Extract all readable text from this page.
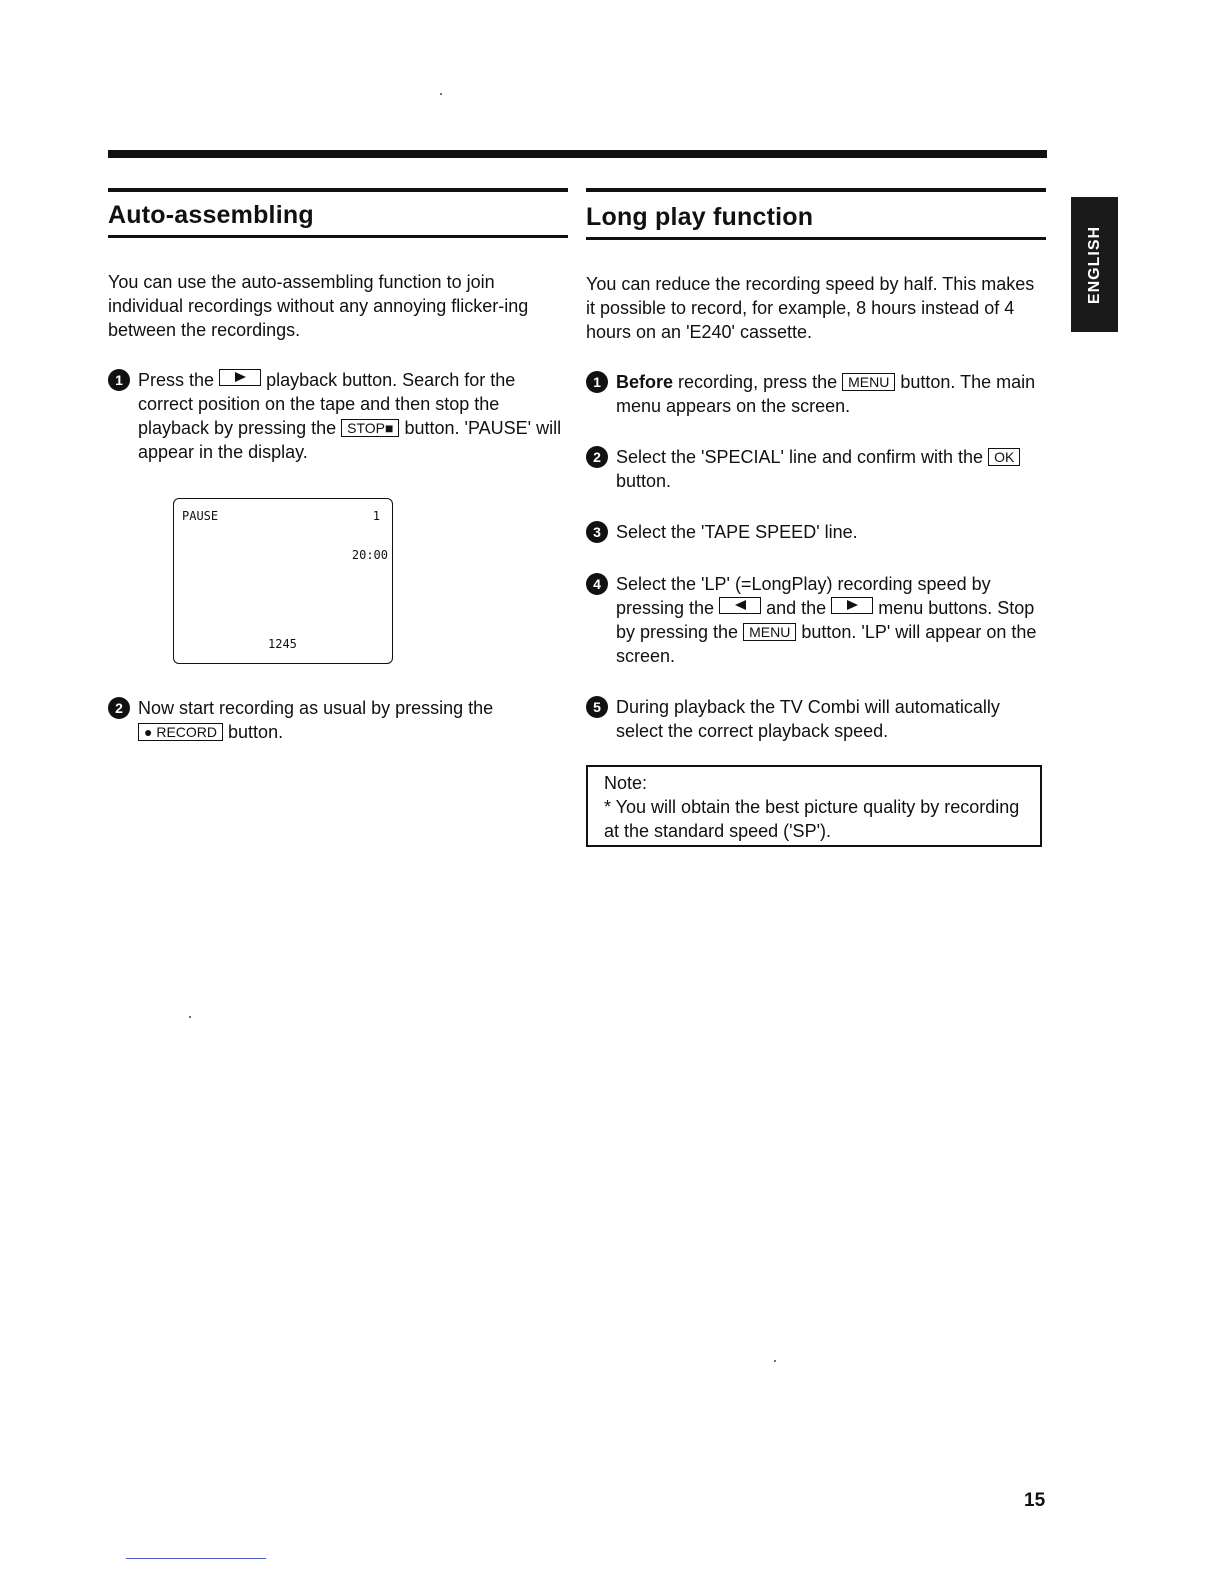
Auto-assembling

You can use the auto-assembling function to join individual recordings without any annoying flicker-ing between the recordings.

1 Press the	playback button. Search for the correct position on the tape and then stop the playback by pressing the STOP■ button. 'PAUSE' will appear in the display.
PAUSE	1
20:00
1245
2 Now start recording as usual by pressing the ● RECORD button.
Long play function

You can reduce the recording speed by half. This makes it possible to record, for example, 8 hours instead of 4 hours on an 'E240' cassette.

1 Before recording, press the MENU button. The main menu appears on the screen.
2 Select the 'SPECIAL' line and confirm with the OK button.
3 Select the 'TAPE SPEED' line.
4 Select the 'LP' (=LongPlay) recording speed by pressing the	and the	menu buttons. Stop by pressing the MENU button. 'LP' will appear on the screen.
5 During playback the TV Combi will automatically select the correct playback speed.
Note:
* You will obtain the best picture quality by recording at the standard speed ('SP').
ENGLISH
15
